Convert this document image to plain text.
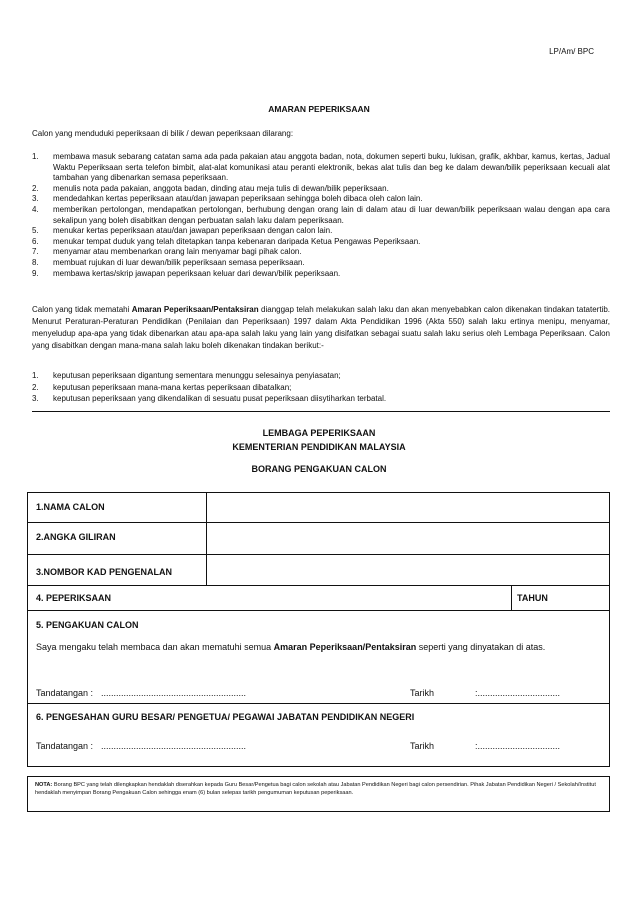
LP/Am/ BPC
AMARAN PEPERIKSAAN
Calon yang menduduki peperiksaan di bilik / dewan peperiksaan dilarang:
1. membawa masuk sebarang catatan sama ada pada pakaian atau anggota badan, nota, dokumen seperti buku, lukisan, grafik, akhbar, kamus, kertas, Jadual Waktu Peperiksaan serta telefon bimbit, alat-alat komunikasi atau peranti elektronik, bekas alat tulis dan beg ke dalam dewan/bilik peperiksaan kecuali alat tambahan yang dibenarkan semasa peperiksaan.
2. menulis nota pada pakaian, anggota badan, dinding atau meja tulis di dewan/bilik peperiksaan.
3. mendedahkan kertas peperiksaan atau/dan jawapan peperiksaan sehingga boleh dibaca oleh calon lain.
4. memberikan pertolongan, mendapatkan pertolongan, berhubung dengan orang lain di dalam atau di luar dewan/bilik peperiksaan walau dengan apa cara sekalipun yang boleh disabitkan dengan perbuatan salah laku dalam peperiksaan.
5. menukar kertas peperiksaan atau/dan jawapan peperiksaan dengan calon lain.
6. menukar tempat duduk yang telah ditetapkan tanpa kebenaran daripada Ketua Pengawas Peperiksaan.
7. menyamar atau membenarkan orang lain menyamar bagi pihak calon.
8. membuat rujukan di luar dewan/bilik peperiksaan semasa peperiksaan.
9. membawa kertas/skrip jawapan peperiksaan keluar dari dewan/bilik peperiksaan.
Calon yang tidak mematahi Amaran Peperiksaan/Pentaksiran dianggap telah melakukan salah laku dan akan menyebabkan calon dikenakan tindakan tatatertib. Menurut Peraturan-Peraturan Pendidikan (Penilaian dan Peperiksaan) 1997 dalam Akta Pendidikan 1996 (Akta 550) salah laku ertinya menipu, menyamar, menyeludup apa-apa yang tidak dibenarkan atau apa-apa salah laku yang lain yang disifatkan sebagai suatu salah laku serius oleh Lembaga Peperiksaan. Calon yang disabitkan dengan mana-mana salah laku boleh dikenakan tindakan berikut:-
1. keputusan peperiksaan digantung sementara menunggu selesainya penyiasatan;
2. keputusan peperiksaan mana-mana kertas peperiksaan dibatalkan;
3. keputusan peperiksaan yang dikendalikan di sesuatu pusat peperiksaan diisytiharkan terbatal.
LEMBAGA PEPERIKSAAN
KEMENTERIAN PENDIDIKAN MALAYSIA
BORANG PENGAKUAN CALON
1.NAMA CALON
2.ANGKA GILIRAN
3.NOMBOR KAD PENGENALAN
4. PEPERIKSAAN	TAHUN
5. PENGAKUAN CALON
Saya mengaku telah membaca dan akan mematuhi semua Amaran Peperiksaan/Pentaksiran seperti yang dinyatakan di atas.
Tandatangan : ..........................................................	Tarikh	:.................................
6. PENGESAHAN GURU BESAR/ PENGETUA/ PEGAWAI JABATAN PENDIDIKAN NEGERI
Tandatangan : ..........................................................	Tarikh	:.................................
NOTA: Borang BPC yang telah dilengkapkan hendaklah diserahkan kepada Guru Besar/Pengetua bagi calon sekolah atau Jabatan Pendidikan Negeri bagi calon persendirian. Pihak Jabatan Pendidikan Negeri / Sekolah/Institut hendaklah menyimpan Borang Pengakuan Calon sehingga enam (6) bulan selepas tarikh pengumuman keputusan peperiksaan.
